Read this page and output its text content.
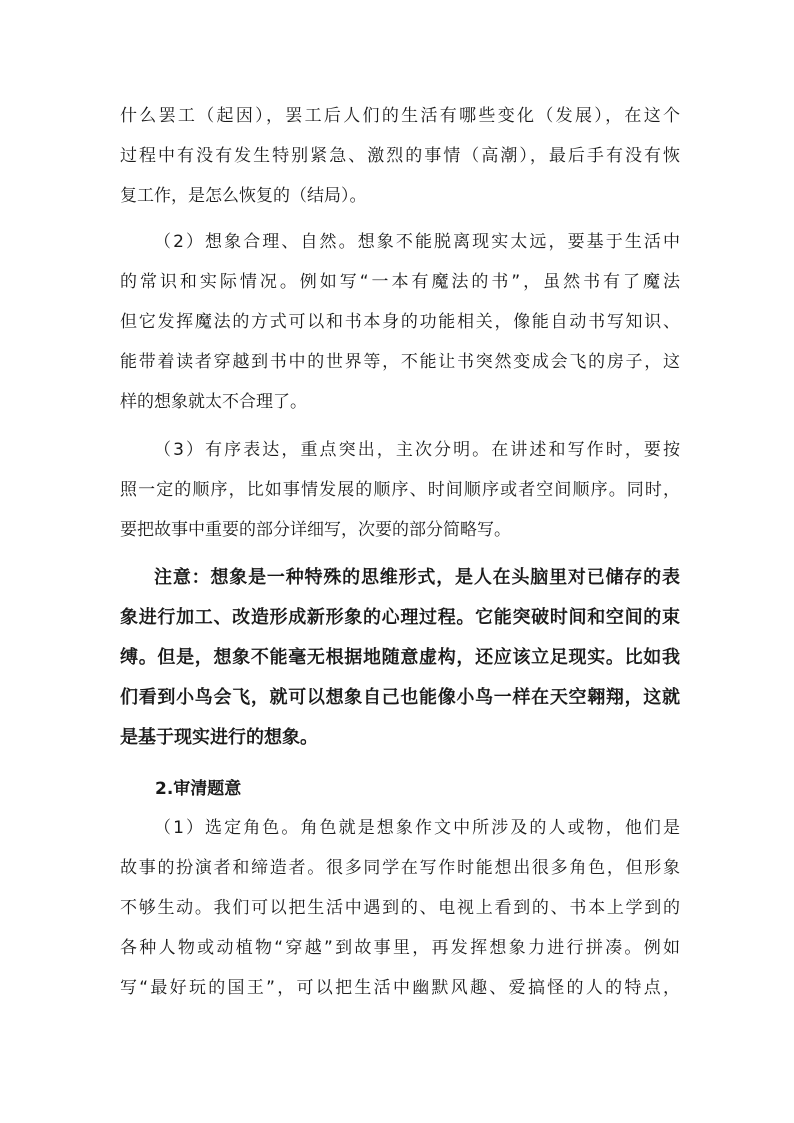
什么罢工（起因），罢工后人们的生活有哪些变化（发展），在这个
过程中有没有发生特别紧急、激烈的事情（高潮），最后手有没有恢
复工作，是怎么恢复的（结局）。
（2）想象合理、自然。想象不能脱离现实太远，要基于生活中
的常识和实际情况。例如写“一本有魔法的书”，虽然书有了魔法
但它发挥魔法的方式可以和书本身的功能相关，像能自动书写知识、
能带着读者穿越到书中的世界等，不能让书突然变成会飞的房子，这
样的想象就太不合理了。
（3）有序表达，重点突出，主次分明。在讲述和写作时，要按
照一定的顺序，比如事情发展的顺序、时间顺序或者空间顺序。同时，
要把故事中重要的部分详细写，次要的部分简略写。
注意：想象是一种特殊的思维形式，是人在头脑里对已储存的表
象进行加工、改造形成新形象的心理过程。它能突破时间和空间的束
缚。但是，想象不能毫无根据地随意虚构，还应该立足现实。比如我
们看到小鸟会飞，就可以想象自己也能像小鸟一样在天空翱翔，这就
是基于现实进行的想象。
2.审清题意
（1）选定角色。角色就是想象作文中所涉及的人或物，他们是
故事的扮演者和缔造者。很多同学在写作时能想出很多角色，但形象
不够生动。我们可以把生活中遇到的、电视上看到的、书本上学到的
各种人物或动植物“穿越”到故事里，再发挥想象力进行拼凑。例如
写“最好玩的国王”，可以把生活中幽默风趣、爱搞怪的人的特点，
